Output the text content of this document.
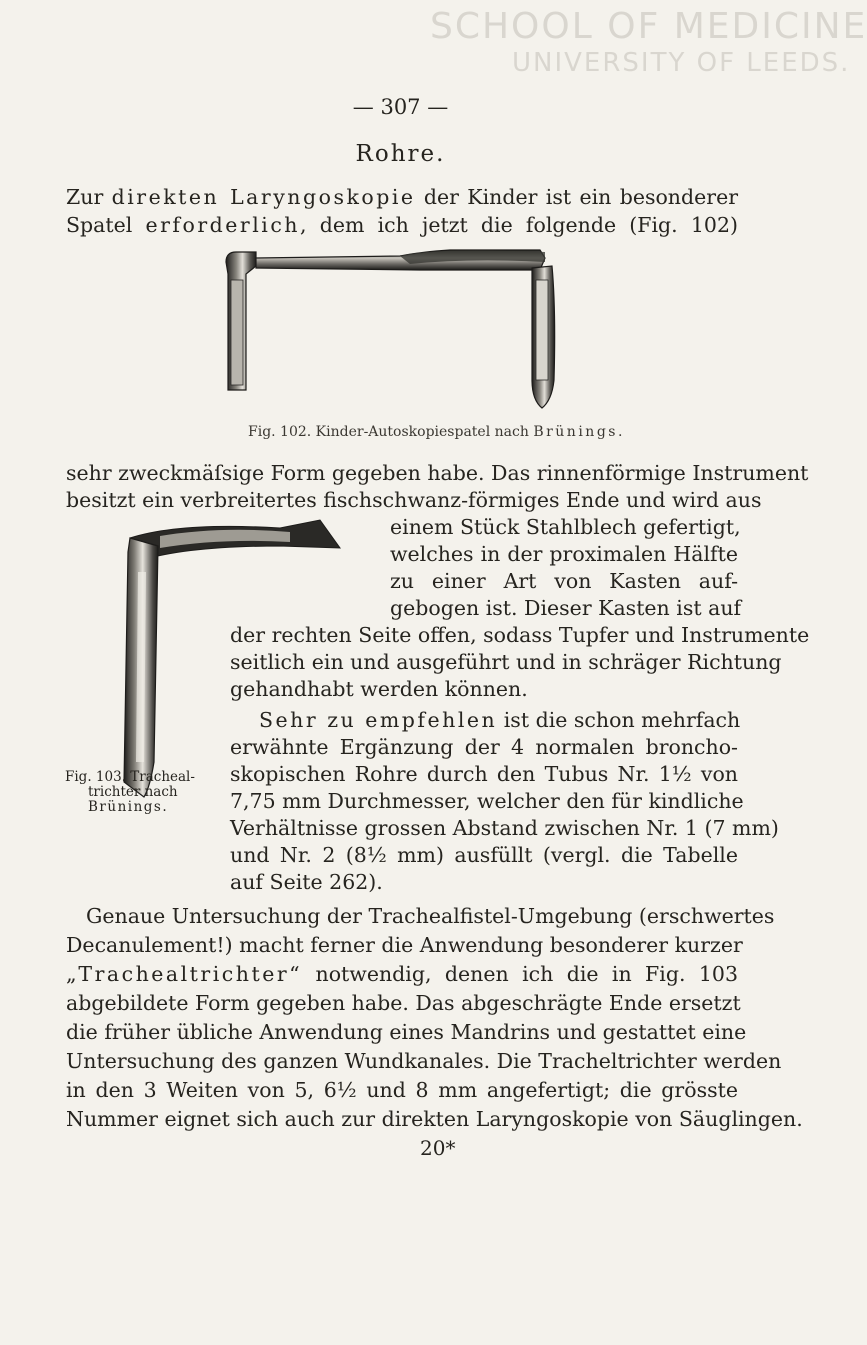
SCHOOL OF MEDICINE
UNIVERSITY OF LEEDS.
— 307 —
Rohre.
Zur direkten Laryngoskopie der Kinder ist ein besonderer
Spatel erforderlich, dem ich jetzt die folgende (Fig. 102)
Fig. 102. Kinder-Autoskopiespatel nach Brünings.
sehr zweckmäſsige Form gegeben habe. Das rinnenförmige Instrument
besitzt ein verbreitertes fischschwanz-förmiges Ende und wird aus
einem Stück Stahlblech gefertigt,
welches in der proximalen Hälfte
zu einer Art von Kasten auf-
gebogen ist. Dieser Kasten ist auf
der rechten Seite offen, sodass Tupfer und Instrumente
seitlich ein und ausgeführt und in schräger Richtung
gehandhabt werden können.
Fig. 103. Tracheal-
trichter nach
Brünings.
Sehr zu empfehlen ist die schon mehrfach
erwähnte Ergänzung der 4 normalen broncho-
skopischen Rohre durch den Tubus Nr. 1½ von
7,75 mm Durchmesser, welcher den für kindliche
Verhältnisse grossen Abstand zwischen Nr. 1 (7 mm)
und Nr. 2 (8½ mm) ausfüllt (vergl. die Tabelle
auf Seite 262).
Genaue Untersuchung der Trachealfistel-Umgebung (erschwertes
Decanulement!) macht ferner die Anwendung besonderer kurzer
„Trachealtrichter“ notwendig, denen ich die in Fig. 103
abgebildete Form gegeben habe. Das abgeschrägte Ende ersetzt
die früher übliche Anwendung eines Mandrins und gestattet eine
Untersuchung des ganzen Wundkanales. Die Tracheltrichter werden
in den 3 Weiten von 5, 6½ und 8 mm angefertigt; die grösste
Nummer eignet sich auch zur direkten Laryngoskopie von Säuglingen.
20*
